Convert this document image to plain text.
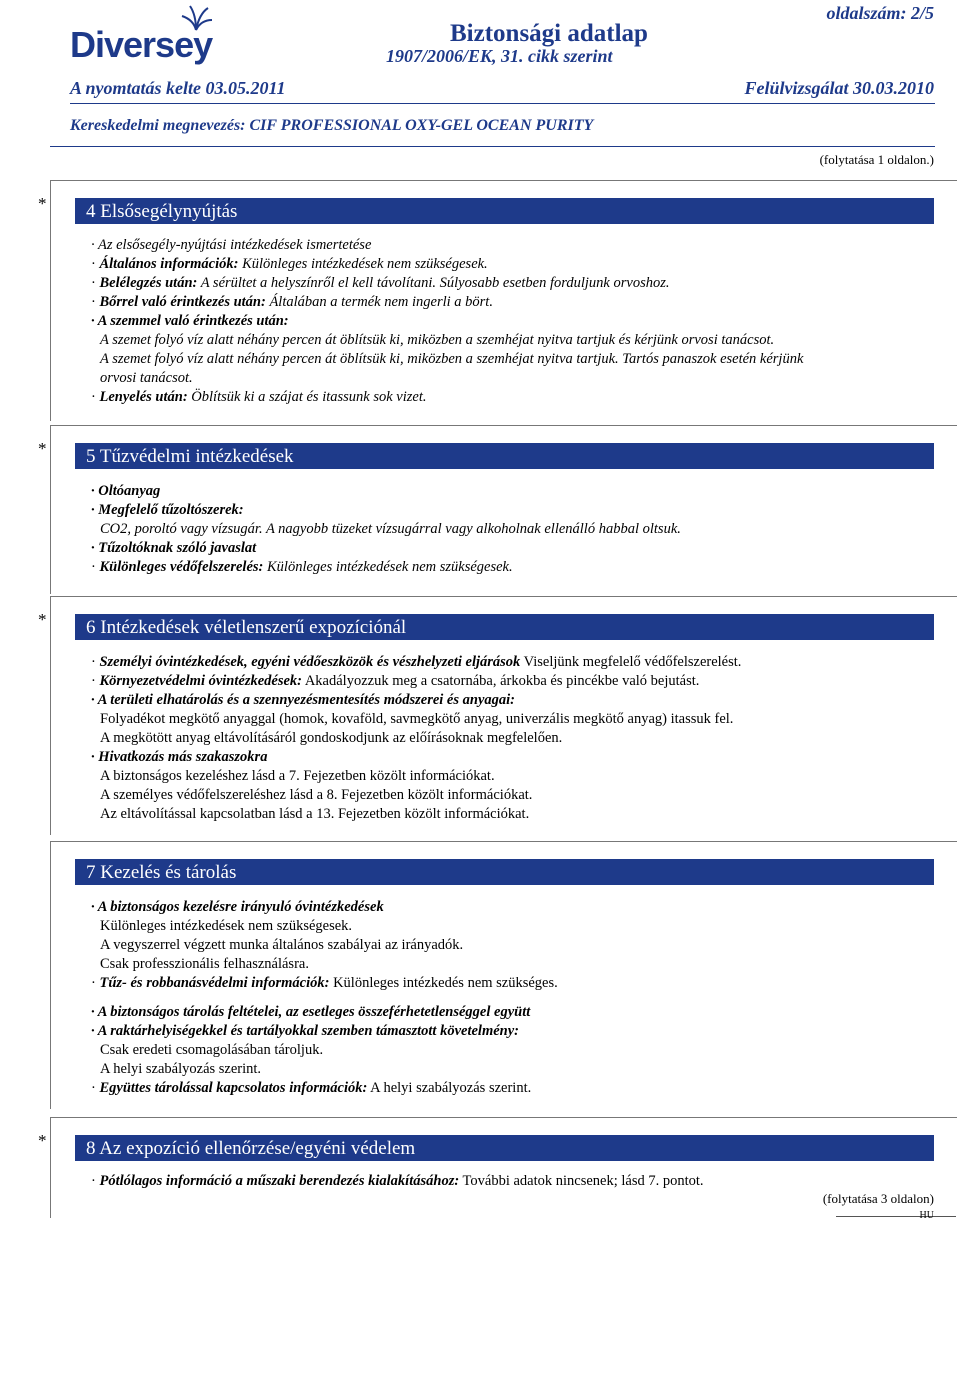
Diversey
oldalszám: 2/5
Biztonsági adatlap
1907/2006/EK, 31. cikk szerint
A nyomtatás kelte 03.05.2011	Felülvizsgálat 30.03.2010
Kereskedelmi megnevezés: CIF PROFESSIONAL OXY-GEL OCEAN PURITY
(folytatása 1 oldalon.)
*	4 Elsősegélynyújtás
· Az elsősegély-nyújtási intézkedések ismertetése
· Általános információk: Különleges intézkedések nem szükségesek.
· Belélegzés után: A sérültet a helyszínről el kell távolítani. Súlyosabb esetben forduljunk orvoshoz.
· Bőrrel való érintkezés után: Általában a termék nem ingerli a bört.
· A szemmel való érintkezés után:
A szemet folyó víz alatt néhány percen át öblítsük ki, miközben a szemhéjat nyitva tartjuk és kérjünk orvosi tanácsot.
A szemet folyó víz alatt néhány percen át öblítsük ki, miközben a szemhéjat nyitva tartjuk. Tartós panaszok esetén kérjünk
orvosi tanácsot.
· Lenyelés után: Öblítsük ki a szájat és itassunk sok vizet.
*	5 Tűzvédelmi intézkedések
· Oltóanyag
· Megfelelő tűzoltószerek:
CO2, poroltó vagy vízsugár. A nagyobb tüzeket vízsugárral vagy alkoholnak ellenálló habbal oltsuk.
· Tűzoltóknak szóló javaslat
· Különleges védőfelszerelés: Különleges intézkedések nem szükségesek.
*	6 Intézkedések véletlenszerű expozíciónál
· Személyi óvintézkedések, egyéni védőeszközök és vészhelyzeti eljárások Viseljünk megfelelő védőfelszerelést.
· Környezetvédelmi óvintézkedések: Akadályozzuk meg a csatornába, árkokba és pincékbe való bejutást.
· A területi elhatárolás és a szennyezésmentesítés módszerei és anyagai:
Folyadékot megkötő anyaggal (homok, kovaföld, savmegkötő anyag, univerzális megkötő anyag) itassuk fel.
A megkötött anyag eltávolításáról gondoskodjunk az előírásoknak megfelelően.
· Hivatkozás más szakaszokra
A biztonságos kezeléshez lásd a 7. Fejezetben közölt információkat.
A személyes védőfelszereléshez lásd a 8. Fejezetben közölt információkat.
Az eltávolítással kapcsolatban lásd a 13. Fejezetben közölt információkat.
7 Kezelés és tárolás
· A biztonságos kezelésre irányuló óvintézkedések
Különleges intézkedések nem szükségesek.
A vegyszerrel végzett munka általános szabályai az irányadók.
Csak professzionális felhasználásra.
· Tűz- és robbanásvédelmi információk: Különleges intézkedés nem szükséges.
· A biztonságos tárolás feltételei, az esetleges összeférhetetlenséggel együtt
· A raktárhelyiségekkel és tartályokkal szemben támasztott követelmény:
Csak eredeti csomagolásában tároljuk.
A helyi szabályozás szerint.
· Együttes tárolással kapcsolatos információk: A helyi szabályozás szerint.
*	8 Az expozíció ellenőrzése/egyéni védelem
· Pótlólagos információ a műszaki berendezés kialakításához: További adatok nincsenek; lásd 7. pontot.
(folytatása 3 oldalon)
HU
